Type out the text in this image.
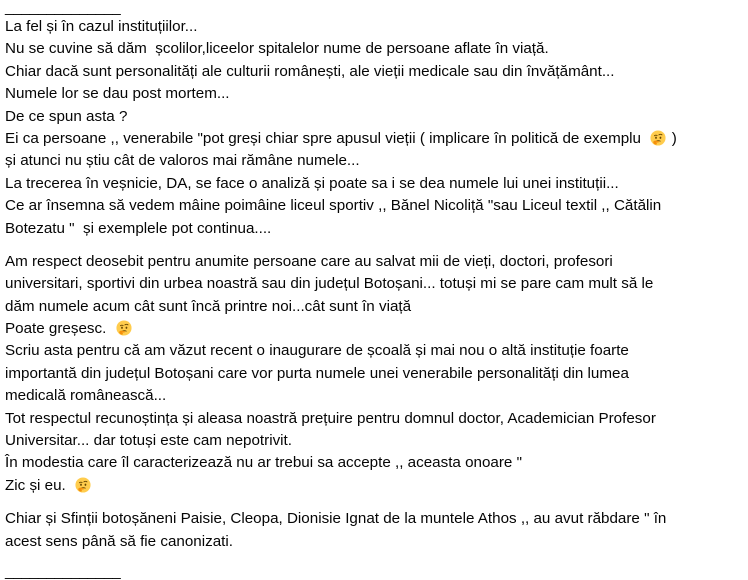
______________

La fel și în cazul instituțiilor...
Nu se cuvine să dăm  școlilor,liceelor spitalelor nume de persoane aflate în viață.
Chiar dacă sunt personalități ale culturii românești, ale vieții medicale sau din învățământ...
Numele lor se dau post mortem...
De ce spun asta ?
Ei ca persoane ,, venerabile "pot greși chiar spre apusul vieții ( implicare în politică de exemplu
)
și atunci nu știu cât de valoros mai rămâne numele...
La trecerea în veșnicie, DA, se face o analiză și poate sa i se dea numele lui unei instituții...
Ce ar însemna să vedem mâine poimâine liceul sportiv ,, Bănel Nicoliță "sau Liceul textil ,, Cătălin
Botezatu "  și exemplele pot continua....

Am respect deosebit pentru anumite persoane care au salvat mii de vieți, doctori, profesori
universitari, sportivi din urbea noastră sau din județul Botoșani... totuși mi se pare cam mult să le
dăm numele acum cât sunt încă printre noi...cât sunt în viață
Poate greșesc.
Scriu asta pentru că am văzut recent o inaugurare de școală și mai nou o altă instituție foarte
importantă din județul Botoșani care vor purta numele unei venerabile personalități din lumea
medicală românească...
Tot respectul recunoștința și aleasa noastră prețuire pentru domnul doctor, Academician Profesor
Universitar... dar totuși este cam nepotrivit.
În modestia care îl caracterizează nu ar trebui sa accepte ,, aceasta onoare "
Zic și eu.

Chiar și Sfinții botoșăneni Paisie, Cleopa, Dionisie Ignat de la muntele Athos ,, au avut răbdare " în
acest sens până să fie canonizati.

______________
